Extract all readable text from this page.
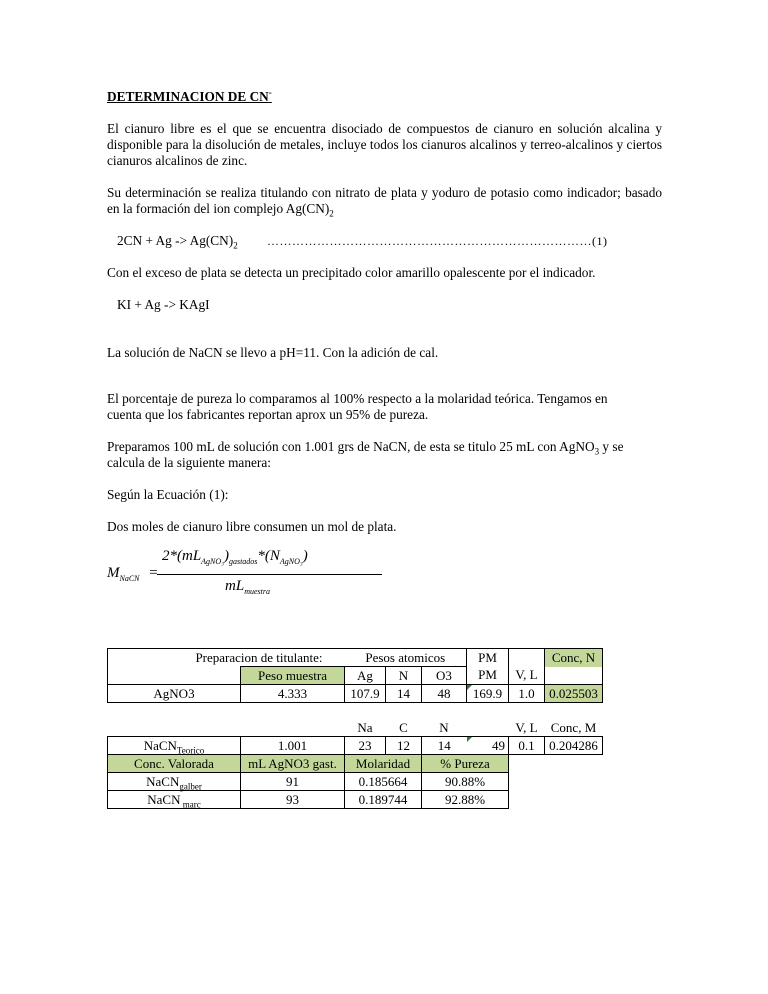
DETERMINACION DE CN-
El cianuro libre es el que se encuentra disociado de compuestos de cianuro en solución alcalina y disponible para la disolución de metales, incluye todos los cianuros alcalinos y terreo-alcalinos y ciertos cianuros alcalinos de zinc.
Su determinación se realiza titulando con nitrato de plata y yoduro de potasio como indicador; basado en la formación del ion complejo $Ag(CN)_2$
$2CN + Ag -> Ag(CN)_2$ ……………………………………………………………………(1)
Con el exceso de plata se detecta un precipitado color amarillo opalescente por el indicador.
KI + Ag -> KAgI
La solución de NaCN se llevo a pH=11. Con la adición de cal.
El porcentaje de pureza lo comparamos al 100% respecto a la molaridad teórica. Tengamos en cuenta que los fabricantes reportan aprox un 95% de pureza.
Preparamos 100 mL de solución con 1.001 grs de NaCN, de esta se titulo 25 mL con AgNO$_3$ y se calcula de la siguiente manera:
Según la Ecuación (1):
Dos moles de cianuro libre consumen un mol de plata.
$M_{NaCN}$ =
$2*(mL_{AgNO_3})_{gastados}*(N_{AgNO_3})$
$mL_{muestra}$
Preparacion de titulante:		Pesos atomicos			PM		Conc, N
	Peso muestra	Ag	N	O3	PM	V, L	
AgNO3	4.333	107.9	14	48	169.9	1.0	0.025503
		Na	C	N		V, L	Conc, M
NaCN$_{Teorico}$	1.001	23	12	14	49	0.1	0.204286
Conc. Valorada	mL AgNO3 gast.	Molaridad		% Pureza			
NaCN$_{galber}$	91	0.185664		90.88%			
NaCN $_{marc}$	93	0.189744		92.88%			
